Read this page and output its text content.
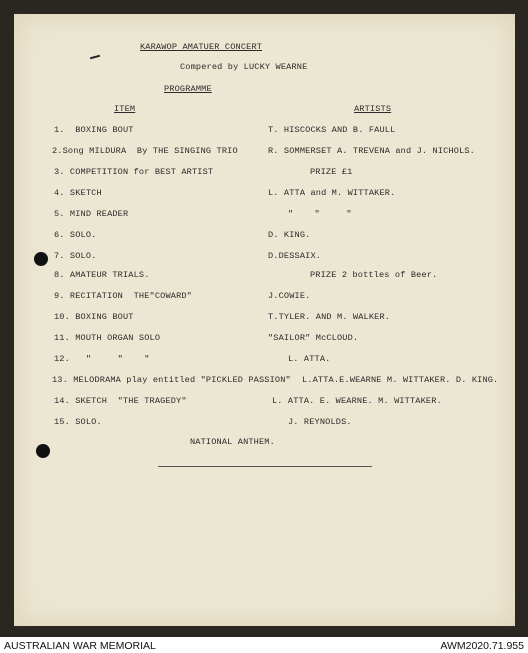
KARAWOP AMATUER CONCERT
Compered by LUCKY WEARNE
PROGRAMME
ITEM	ARTISTS
1.  BOXING BOUT	T. HISCOCKS AND B. FAULL
2.Song MILDURA  By THE SINGING TRIO	R. SOMMERSET A. TREVENA and J. NICHOLS.
3. COMPETITION for BEST ARTIST	PRIZE £1
4. SKETCH	L. ATTA and M. WITTAKER.
5. MIND READER	"    "     "
6. SOLO.	D. KING.
7. SOLO.	D.DESSAIX.
8. AMATEUR TRIALS.	PRIZE 2 bottles of Beer.
9. RECITATION  THE"COWARD"	J.COWIE.
10. BOXING BOUT	T.TYLER. AND M. WALKER.
11. MOUTH ORGAN SOLO	"SAILOR" McCLOUD.
12.   "     "    "	L. ATTA.
13. MELODRAMA play entitled "PICKLED PASSION" L.ATTA.E.WEARNE M. WITTAKER. D. KING.
14. SKETCH  "THE TRAGEDY"	L. ATTA. E. WEARNE. M. WITTAKER.
15. SOLO.	J. REYNOLDS.
NATIONAL ANTHEM.
AUSTRALIAN WAR MEMORIAL	AWM2020.71.955
